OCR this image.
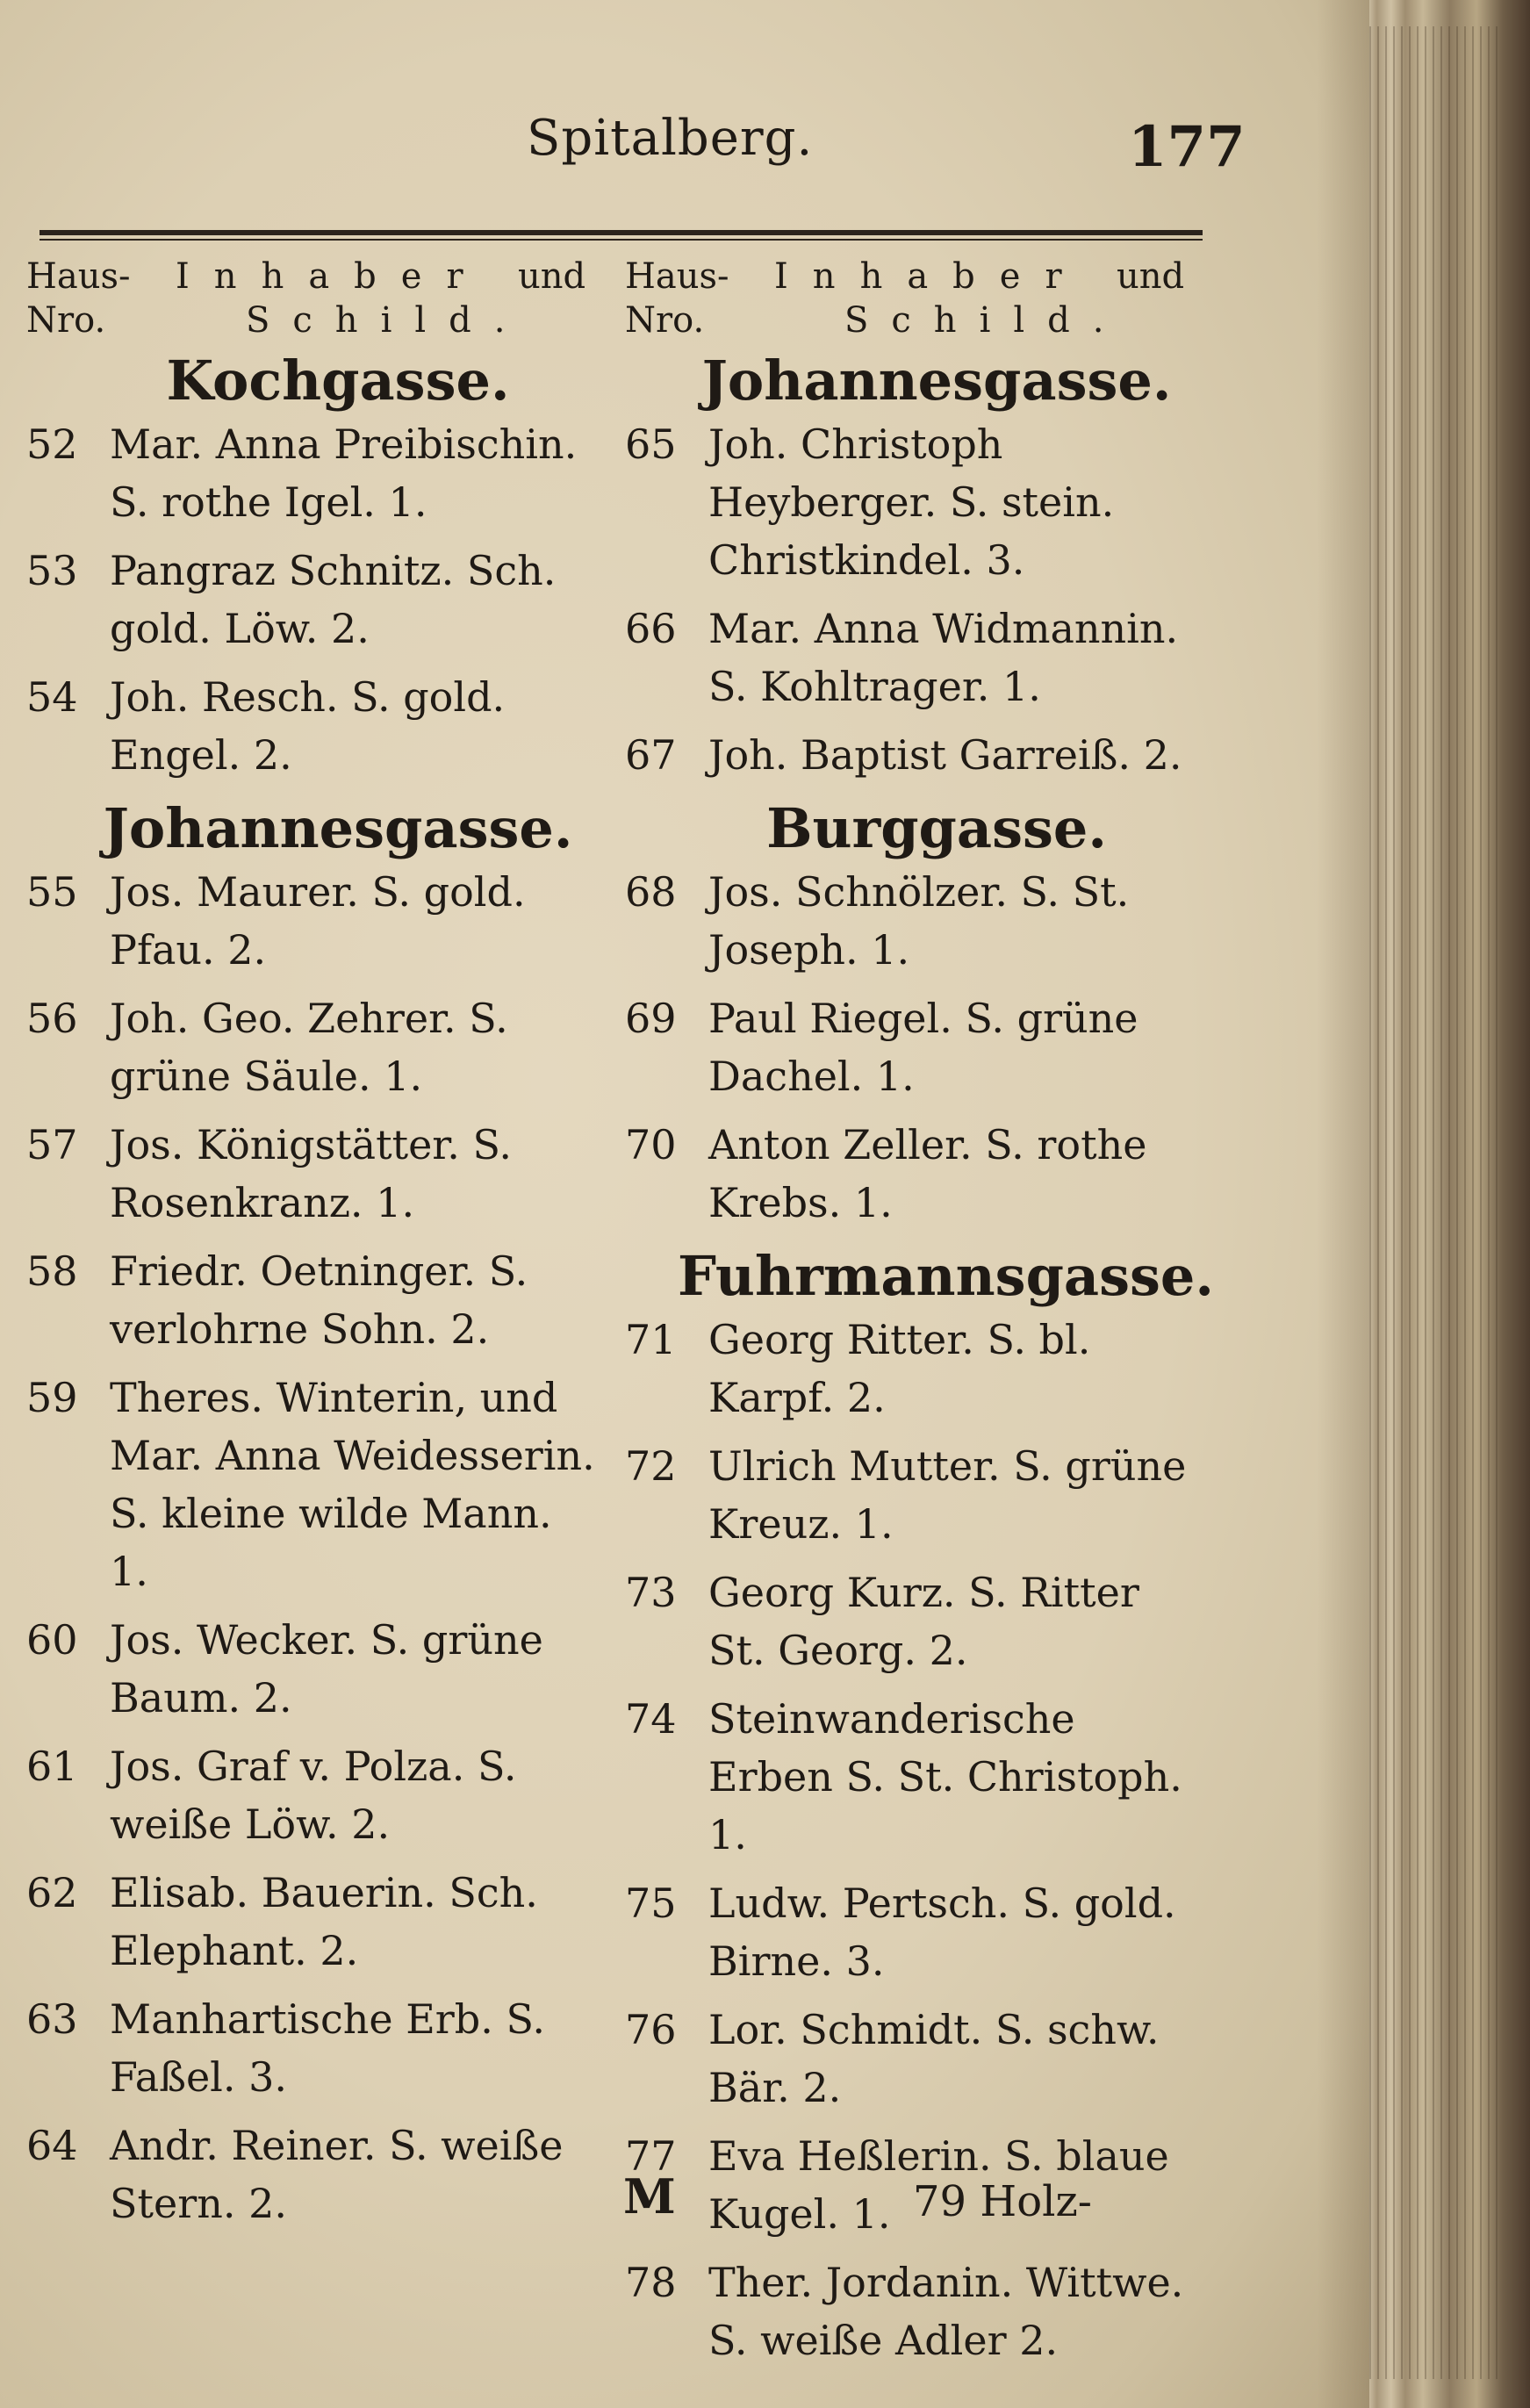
Spitalberg.	177
Haus-Nro.
Inhaber und
Schild.
Haus-Nro.
Inhaber und
Schild.
Kochgasse.
52 Mar. Anna Preibischin. S. rothe Igel. 1.
53 Pangraz Schnitz. Sch. gold. Löw. 2.
54 Joh. Resch. S. gold. Engel. 2.
Johannesgasse.
55 Jos. Maurer. S. gold. Pfau. 2.
56 Joh. Geo. Zehrer. S. grüne Säule. 1.
57 Jos. Königstätter. S. Rosenkranz. 1.
58 Friedr. Oetninger. S. verlohrne Sohn. 2.
59 Theres. Winterin, und Mar. Anna Weidesserin. S. kleine wilde Mann. 1.
60 Jos. Wecker. S. grüne Baum. 2.
61 Jos. Graf v. Polza. S. weiße Löw. 2.
62 Elisab. Bauerin. Sch. Elephant. 2.
63 Manhartische Erb. S. Faßel. 3.
64 Andr. Reiner. S. weiße Stern. 2.
Johannesgasse.
65 Joh. Christoph Heyberger. S. stein. Christkindel. 3.
66 Mar. Anna Widmannin. S. Kohltrager. 1.
67 Joh. Baptist Garreiß. 2.
Burggasse.
68 Jos. Schnölzer. S. St. Joseph. 1.
69 Paul Riegel. S. grüne Dachel. 1.
70 Anton Zeller. S. rothe Krebs. 1.
Fuhrmannsgasse.
71 Georg Ritter. S. bl. Karpf. 2.
72 Ulrich Mutter. S. grüne Kreuz. 1.
73 Georg Kurz. S. Ritter St. Georg. 2.
74 Steinwanderische Erben S. St. Christoph. 1.
75 Ludw. Pertsch. S. gold. Birne. 3.
76 Lor. Schmidt. S. schw. Bär. 2.
77 Eva Heßlerin. S. blaue Kugel. 1.
78 Ther. Jordanin. Wittwe. S. weiße Adler 2.
M	79 Holz-
